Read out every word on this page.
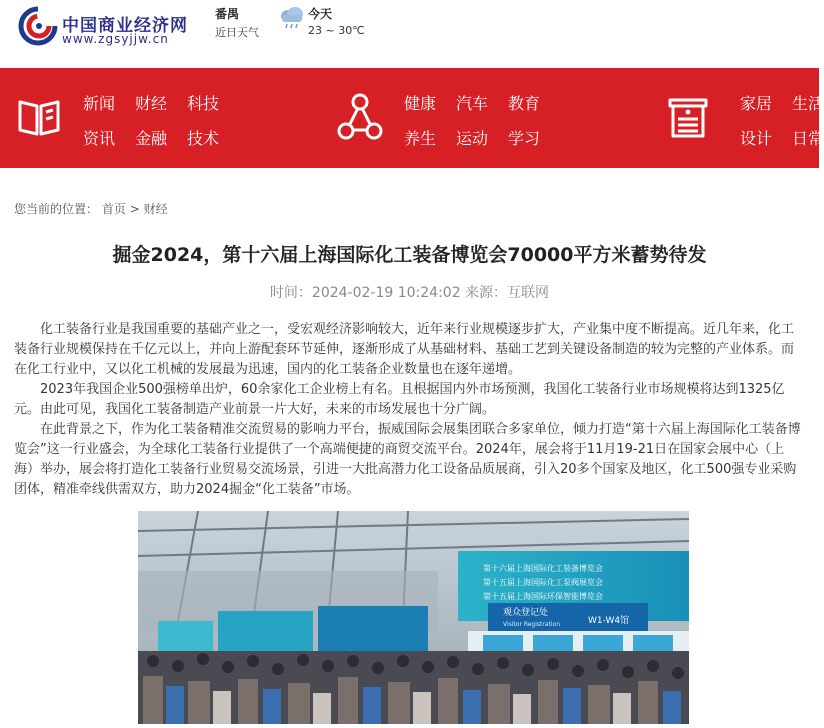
中国商业经济网
www.zgsyjjw.cn
番禺
近日天气
今天
23 ~ 30℃
新闻 财经 科技
资讯 金融 技术
健康 汽车 教育
养生 运动 学习
家居 生活
设计 日常
您当前的位置： 首页 > 财经
掘金2024，第十六届上海国际化工装备博览会70000平方米蓄势待发
时间：2024-02-19 10:24:02 来源：互联网

化工装备行业是我国重要的基础产业之一，受宏观经济影响较大，近年来行业规模逐步扩大，产业集中度不断提高。近几年来，化工装备行业规模保持在千亿元以上，并向上游配套环节延伸，逐渐形成了从基础材料、基础工艺到关键设备制造的较为完整的产业体系。而在化工行业中，又以化工机械的发展最为迅速，国内的化工装备企业数量也在逐年递增。

2023年我国企业500强榜单出炉，60余家化工企业榜上有名。且根据国内外市场预测，我国化工装备行业市场规模将达到1325亿元。由此可见，我国化工装备制造产业前景一片大好，未来的市场发展也十分广阔。

在此背景之下，作为化工装备精准交流贸易的影响力平台，振威国际会展集团联合多家单位，倾力打造“第十六届上海国际化工装备博览会”这一行业盛会，为全球化工装备行业提供了一个高端便捷的商贸交流平台。2024年，展会将于11月19-21日在国家会展中心（上海）举办，展会将打造化工装备行业贸易交流场景，引进一大批高潜力化工设备品质展商，引入20多个国家及地区，化工500强专业采购团体，精准牵线供需双方，助力2024掘金“化工装备”市场。

第十六届上海国际化工装备博览会
第十五届上海国际化工泵阀展览会
第十五届上海国际环保智能博览会
观众登记处
Visitor Registration	W1-W4馆
